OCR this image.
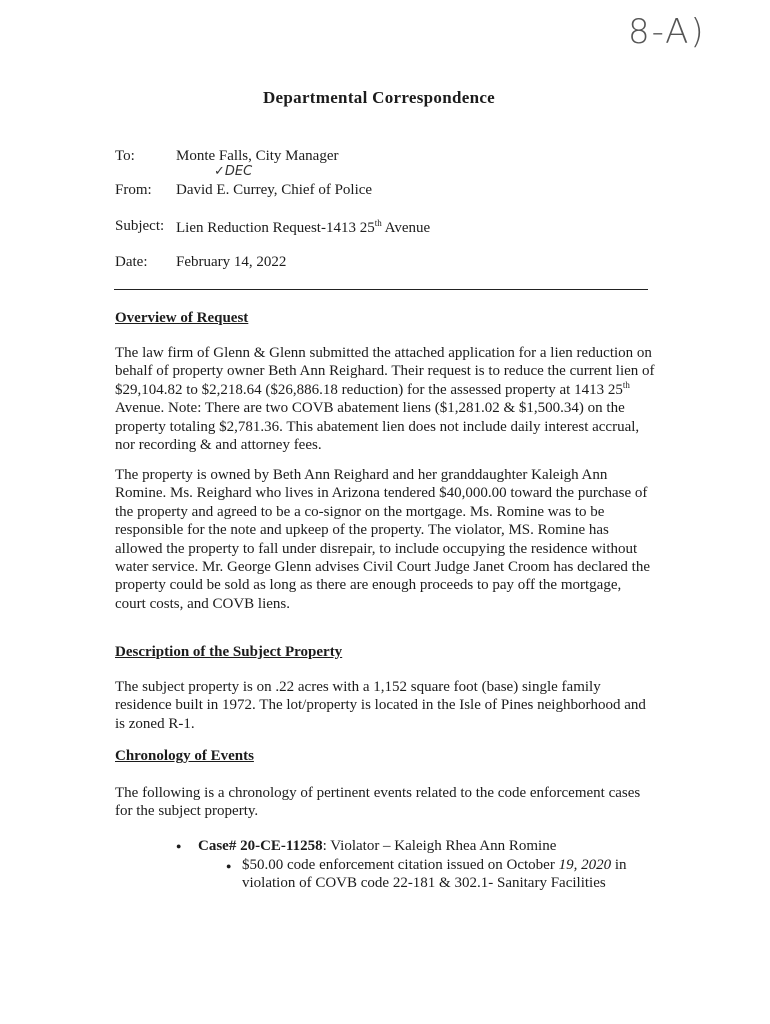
8-A)
Departmental Correspondence
To:	Monte Falls, City Manager
✓DEC
From: David E. Currey, Chief of Police
Subject: Lien Reduction Request-1413 25th Avenue
Date: February 14, 2022
Overview of Request
The law firm of Glenn & Glenn submitted the attached application for a lien reduction on behalf of property owner Beth Ann Reighard. Their request is to reduce the current lien of $29,104.82 to $2,218.64 ($26,886.18 reduction) for the assessed property at 1413 25th Avenue. Note: There are two COVB abatement liens ($1,281.02 & $1,500.34) on the property totaling $2,781.36. This abatement lien does not include daily interest accrual, nor recording & and attorney fees.
The property is owned by Beth Ann Reighard and her granddaughter Kaleigh Ann Romine. Ms. Reighard who lives in Arizona tendered $40,000.00 toward the purchase of the property and agreed to be a co-signor on the mortgage. Ms. Romine was to be responsible for the note and upkeep of the property. The violator, MS. Romine has allowed the property to fall under disrepair, to include occupying the residence without water service. Mr. George Glenn advises Civil Court Judge Janet Croom has declared the property could be sold as long as there are enough proceeds to pay off the mortgage, court costs, and COVB liens.
Description of the Subject Property
The subject property is on .22 acres with a 1,152 square foot (base) single family residence built in 1972. The lot/property is located in the Isle of Pines neighborhood and is zoned R-1.
Chronology of Events
The following is a chronology of pertinent events related to the code enforcement cases for the subject property.
● Case# 20-CE-11258: Violator – Kaleigh Rhea Ann Romine
● $50.00 code enforcement citation issued on October 19, 2020 in violation of COVB code 22-181 & 302.1- Sanitary Facilities
